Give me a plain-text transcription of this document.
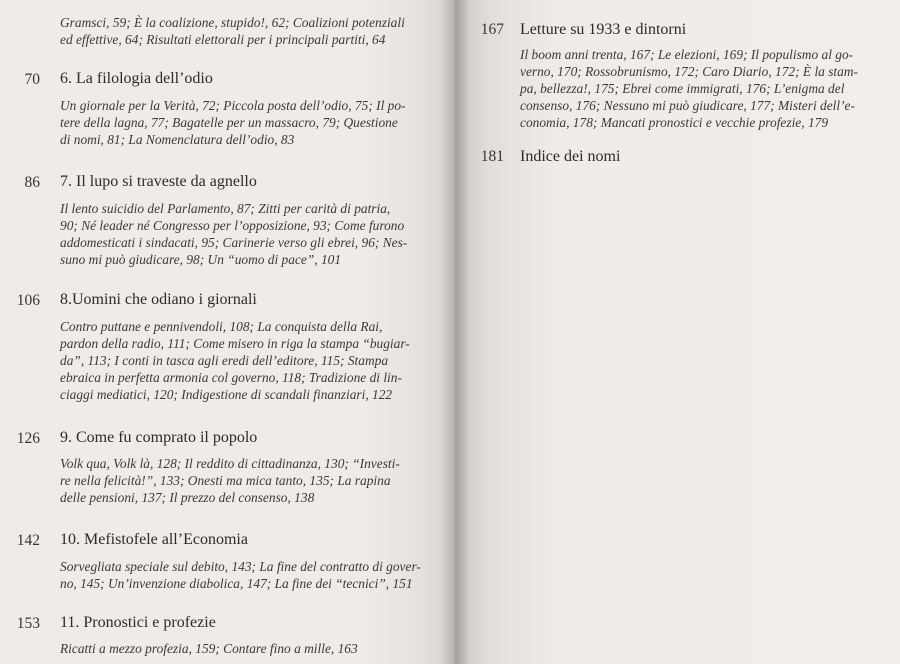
Gramsci, 59; È la coalizione, stupido!, 62; Coalizioni potenziali
ed effettive, 64; Risultati elettorali per i principali partiti, 64
70 6. La filologia dell’odio
Un giornale per la Verità, 72; Piccola posta dell’odio, 75; Il po-
tere della lagna, 77; Bagatelle per un massacro, 79; Questione
di nomi, 81; La Nomenclatura dell’odio, 83
86 7. Il lupo si traveste da agnello
Il lento suicidio del Parlamento, 87; Zitti per carità di patria,
90; Né leader né Congresso per l’opposizione, 93; Come furono
addomesticati i sindacati, 95; Carinerie verso gli ebrei, 96; Nes-
suno mi può giudicare, 98; Un “uomo di pace”, 101
106 8.Uomini che odiano i giornali
Contro puttane e pennivendoli, 108; La conquista della Rai,
pardon della radio, 111; Come misero in riga la stampa “bugiar-
da”, 113; I conti in tasca agli eredi dell’editore, 115; Stampa
ebraica in perfetta armonia col governo, 118; Tradizione di lin-
ciaggi mediatici, 120; Indigestione di scandali finanziari, 122
126 9. Come fu comprato il popolo
Volk qua, Volk là, 128; Il reddito di cittadinanza, 130; “Investi-
re nella felicità!”, 133; Onesti ma mica tanto, 135; La rapina
delle pensioni, 137; Il prezzo del consenso, 138
142 10. Mefistofele all’Economia
Sorvegliata speciale sul debito, 143; La fine del contratto di gover-
no, 145; Un’invenzione diabolica, 147; La fine dei “tecnici”, 151
153 11. Pronostici e profezie
Ricatti a mezzo profezia, 159; Contare fino a mille, 163
167 Letture su 1933 e dintorni
Il boom anni trenta, 167; Le elezioni, 169; Il populismo al go-
verno, 170; Rossobrunismo, 172; Caro Diario, 172; È la stam-
pa, bellezza!, 175; Ebrei come immigrati, 176; L’enigma del
consenso, 176; Nessuno mi può giudicare, 177; Misteri dell’e-
conomia, 178; Mancati pronostici e vecchie profezie, 179
181 Indice dei nomi
